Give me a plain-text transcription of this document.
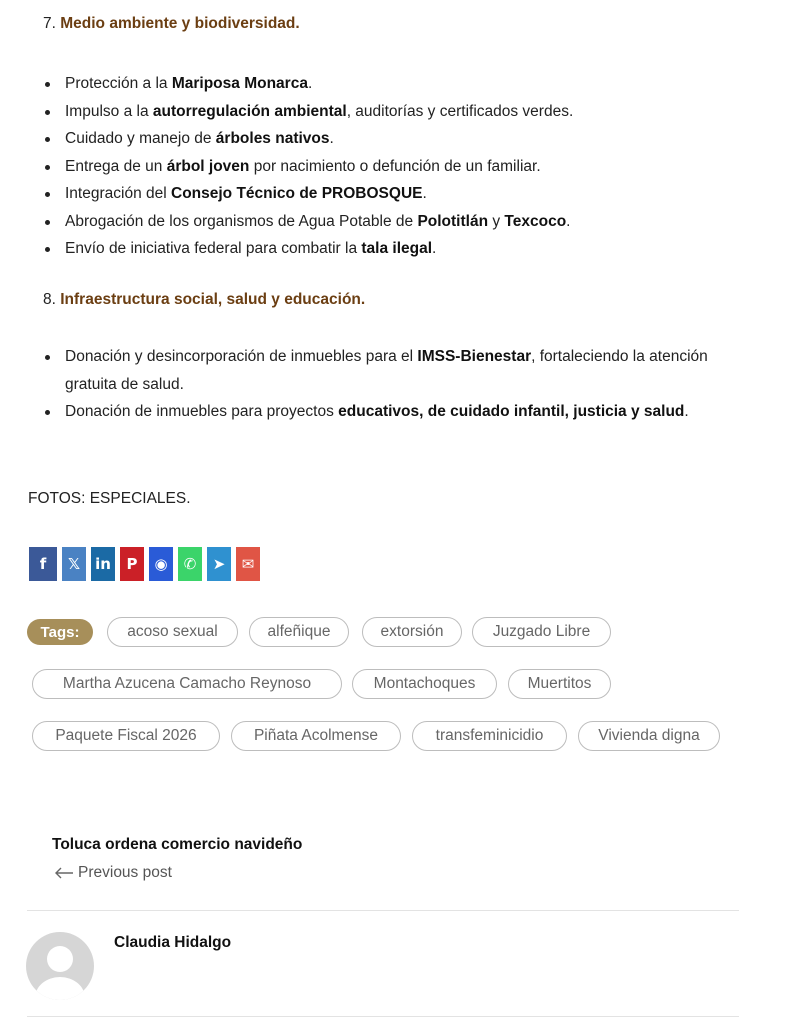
7. Medio ambiente y biodiversidad.
Protección a la Mariposa Monarca.
Impulso a la autorregulación ambiental, auditorías y certificados verdes.
Cuidado y manejo de árboles nativos.
Entrega de un árbol joven por nacimiento o defunción de un familiar.
Integración del Consejo Técnico de PROBOSQUE.
Abrogación de los organismos de Agua Potable de Polotitlán y Texcoco.
Envío de iniciativa federal para combatir la tala ilegal.
8. Infraestructura social, salud y educación.
Donación y desincorporación de inmuebles para el IMSS-Bienestar, fortaleciendo la atención gratuita de salud.
Donación de inmuebles para proyectos educativos, de cuidado infantil, justicia y salud.
FOTOS: ESPECIALES.
f	𝕏	in	P	◉	✆	➤	✉
Tags:	acoso sexual	alfeñique	extorsión	Juzgado Libre
Martha Azucena Camacho Reynoso	Montachoques	Muertitos
Paquete Fiscal 2026	Piñata Acolmense	transfeminicidio	Vivienda digna
Toluca ordena comercio navideño
Previous post
Claudia Hidalgo
